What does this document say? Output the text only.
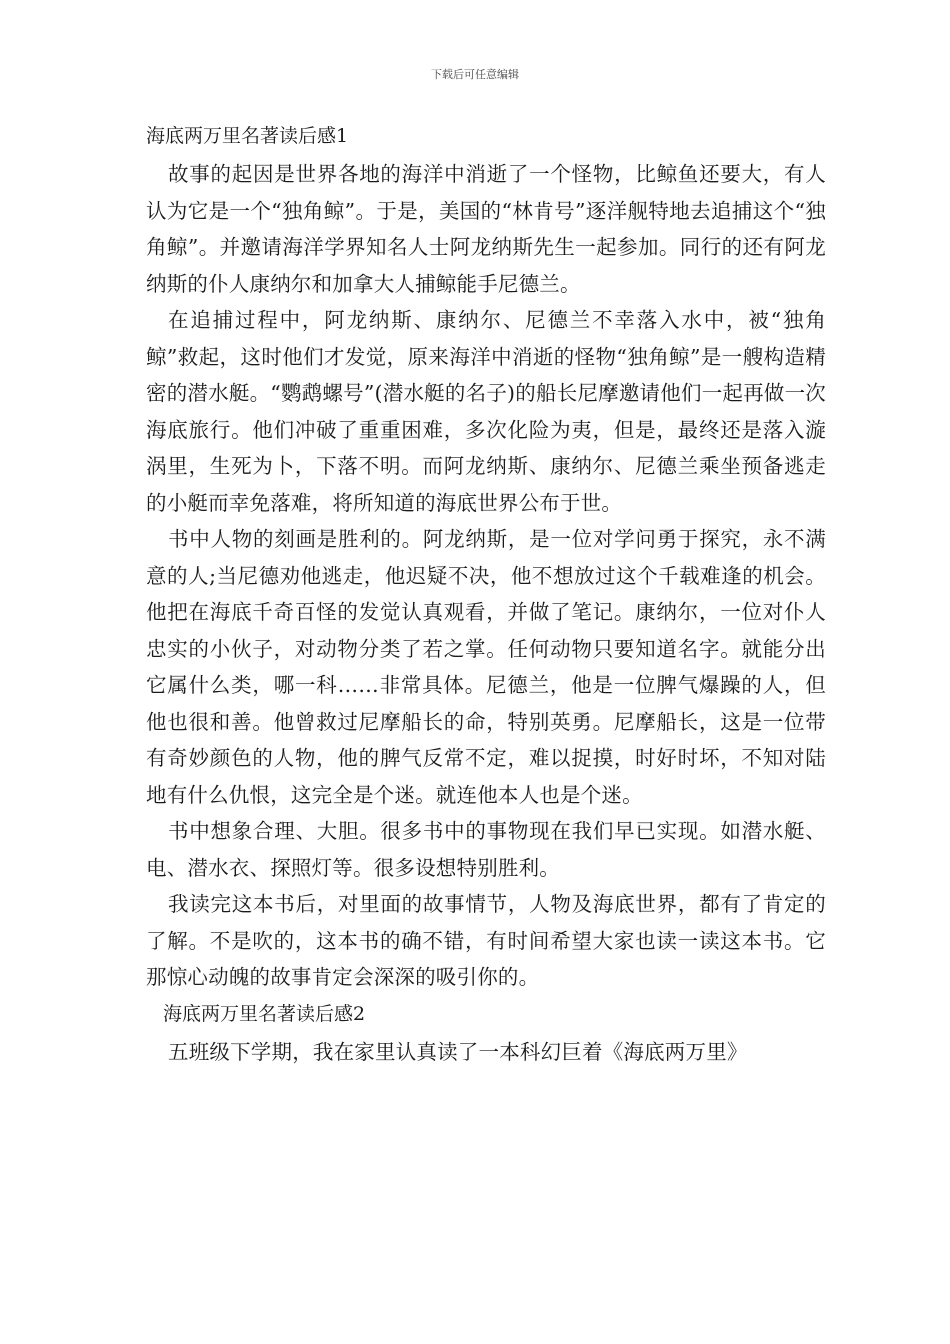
下载后可任意编辑
海底两万里名著读后感1

故事的起因是世界各地的海洋中消逝了一个怪物，比鲸鱼还要大，有人认为它是一个“独角鲸”。于是，美国的“林肯号”逐洋舰特地去追捕这个“独角鲸”。并邀请海洋学界知名人士阿龙纳斯先生一起参加。同行的还有阿龙纳斯的仆人康纳尔和加拿大人捕鲸能手尼德兰。

在追捕过程中，阿龙纳斯、康纳尔、尼德兰不幸落入水中，被“独角鲸”救起，这时他们才发觉，原来海洋中消逝的怪物“独角鲸”是一艘构造精密的潜水艇。“鹦鹉螺号”(潜水艇的名子)的船长尼摩邀请他们一起再做一次海底旅行。他们冲破了重重困难，多次化险为夷，但是，最终还是落入漩涡里，生死为卜，下落不明。而阿龙纳斯、康纳尔、尼德兰乘坐预备逃走的小艇而幸免落难，将所知道的海底世界公布于世。

书中人物的刻画是胜利的。阿龙纳斯，是一位对学问勇于探究，永不满意的人;当尼德劝他逃走，他迟疑不决，他不想放过这个千载难逢的机会。他把在海底千奇百怪的发觉认真观看，并做了笔记。康纳尔，一位对仆人忠实的小伙子，对动物分类了若之掌。任何动物只要知道名字。就能分出它属什么类，哪一科……非常具体。尼德兰，他是一位脾气爆躁的人，但他也很和善。他曾救过尼摩船长的命，特别英勇。尼摩船长，这是一位带有奇妙颜色的人物，他的脾气反常不定，难以捉摸，时好时坏，不知对陆地有什么仇恨，这完全是个迷。就连他本人也是个迷。

书中想象合理、大胆。很多书中的事物现在我们早已实现。如潜水艇、电、潜水衣、探照灯等。很多设想特别胜利。

我读完这本书后，对里面的故事情节，人物及海底世界，都有了肯定的了解。不是吹的，这本书的确不错，有时间希望大家也读一读这本书。它那惊心动魄的故事肯定会深深的吸引你的。

海底两万里名著读后感2

五班级下学期，我在家里认真读了一本科幻巨着《海底两万里》
